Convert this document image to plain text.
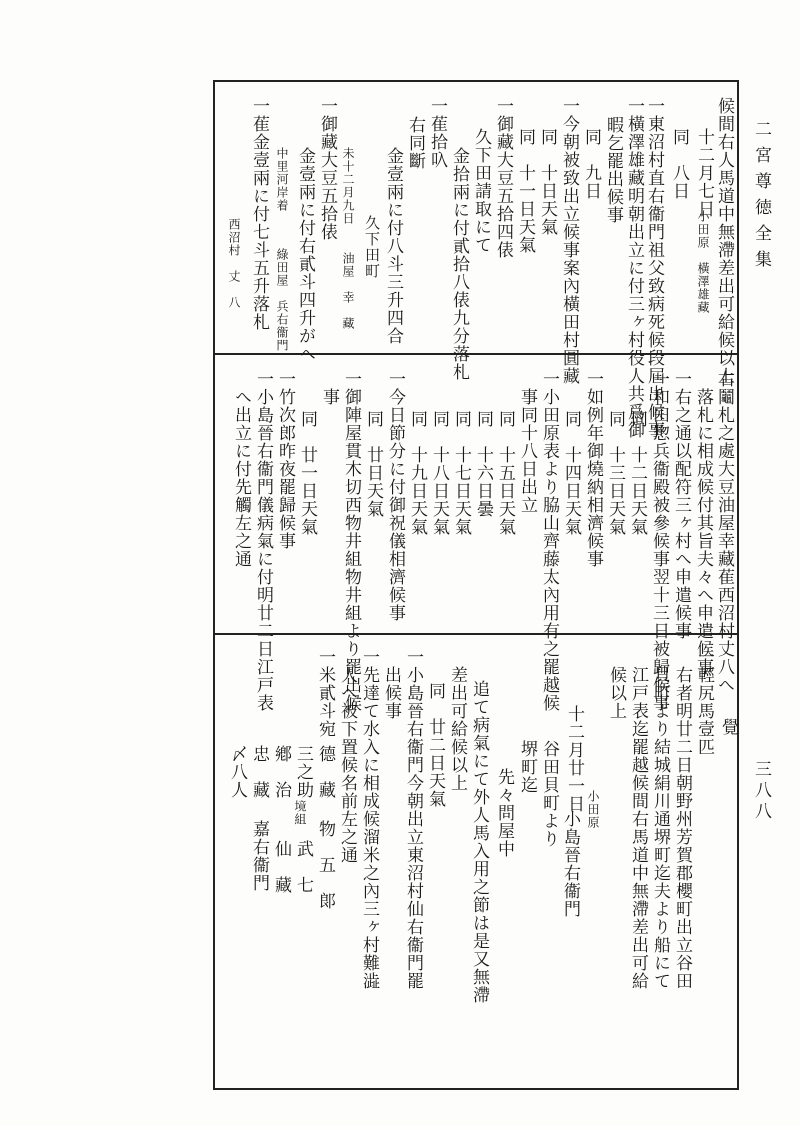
二宮尊徳全集
三八八
候間右人馬道中無滯差出可給候以上
十二月七日
小田原　橫澤雄藏
同　八日
一東沼村直右衞門祖父致病死候段屆出候事
一橫澤雄藏明朝出立に付三ヶ村役人共爲御
暇乞罷出候事
同　九日
一今朝被致出立候事案內橫田村圓藏
同　十日天氣
同　十一日天氣
一御藏大豆五拾四俵
久下田請取にて
金拾兩に付貳拾八俵九分落札
一萑拾叺
右同斷
金壹兩に付八斗三升四合
久下田町
油屋　幸　藏
未十二月九日
一御藏大豆五拾俵
金壹兩に付右貳斗四升がへ
中里河岸着
綠田屋　兵右衞門
一萑金壹兩に付七斗五升落札
西沼村　丈　八
右鬮札之處大豆油屋幸藏萑西沼村丈八へ
落札に相成候付其旨夫々へ申遣候事
一右之通以配符三ヶ村へ申遣候事
一和田惣兵衞殿被參候事翌十三日被歸候事
同　十二日天氣
同　十三日天氣
一如例年御燒納相濟候事
同　十四日天氣
一小田原表より脇山齊藤太內用有之罷越候
事同十八日出立
同　十五日天氣
同　十六日曇
同　十七日天氣
同　十八日天氣
同　十九日天氣
一今日節分に付御祝儀相濟候事
同　廿日天氣
一御陣屋貫木切西物井組物井組より罷出候
事
同　廿一日天氣
一竹次郎昨夜罷歸候事
一小島晉右衞門儀病氣に付明廿二日江戸表
へ出立に付先觸左之通
覺
一輕尻馬壹匹
右者明廿二日朝野州芳賀郡櫻町出立谷田
貝町より結城絹川通堺町迄夫より船にて
江戸表迄罷越候間右馬道中無滯差出可給
候以上
小田原
十二月廿一日
小島晉右衞門
谷田貝町より
堺町迄
先々問屋中
追て病氣にて外人馬入用之節は是又無滯
差出可給候以上
同　廿二日天氣
一小島晉右衞門今朝出立東沼村仙右衞門罷
出候事
一先達て水入に相成候溜米之內三ヶ村難澁
人へ被下置候名前左之通
一米貳斗宛
德　藏
物　五　郞
三之助
境組
武　七
鄕　治
仙　藏
忠　藏
嘉右衞門
〆八人
